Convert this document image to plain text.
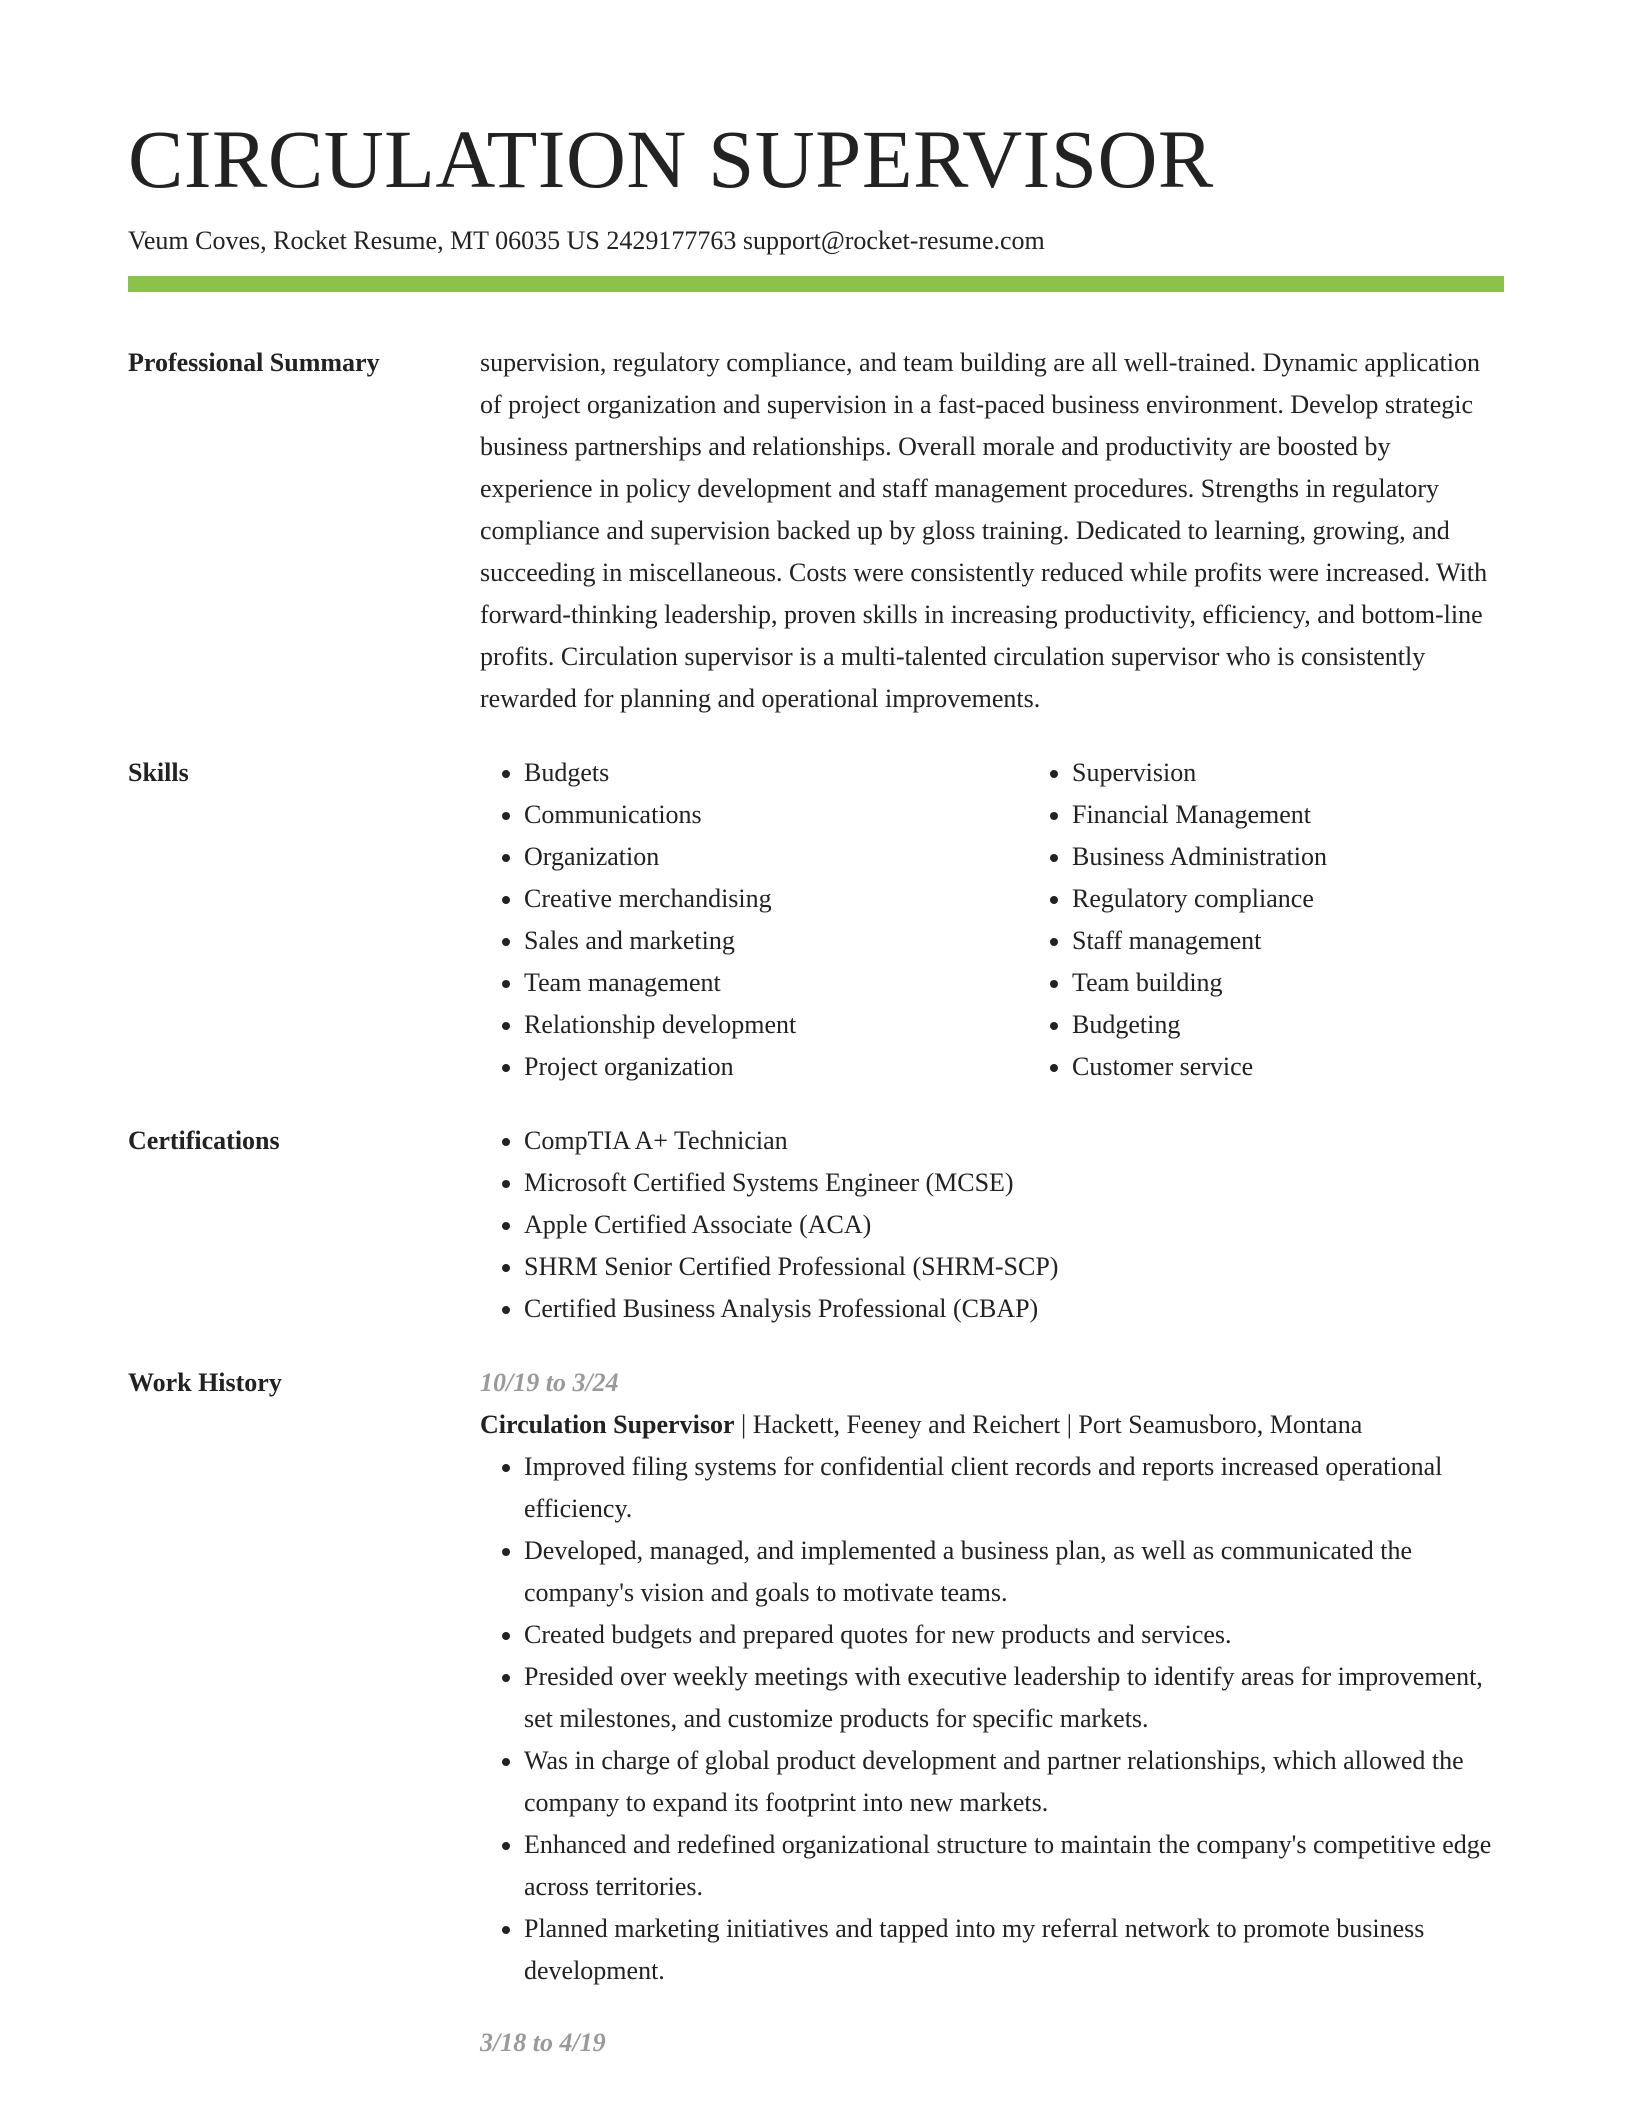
CIRCULATION SUPERVISOR
Veum Coves, Rocket Resume, MT 06035 US 2429177763 support@rocket-resume.com
Professional Summary	supervision, regulatory compliance, and team building are all well-trained. Dynamic application of project organization and supervision in a fast-paced business environment. Develop strategic business partnerships and relationships. Overall morale and productivity are boosted by experience in policy development and staff management procedures. Strengths in regulatory compliance and supervision backed up by gloss training. Dedicated to learning, growing, and succeeding in miscellaneous. Costs were consistently reduced while profits were increased. With forward-thinking leadership, proven skills in increasing productivity, efficiency, and bottom-line profits. Circulation supervisor is a multi-talented circulation supervisor who is consistently rewarded for planning and operational improvements.
Skills	• Budgets
• Communications
• Organization
• Creative merchandising
• Sales and marketing
• Team management
• Relationship development
• Project organization
• Supervision
• Financial Management
• Business Administration
• Regulatory compliance
• Staff management
• Team building
• Budgeting
• Customer service
Certifications	• CompTIA A+ Technician
• Microsoft Certified Systems Engineer (MCSE)
• Apple Certified Associate (ACA)
• SHRM Senior Certified Professional (SHRM-SCP)
• Certified Business Analysis Professional (CBAP)
Work History	10/19 to 3/24
Circulation Supervisor | Hackett, Feeney and Reichert | Port Seamusboro, Montana
• Improved filing systems for confidential client records and reports increased operational efficiency.
• Developed, managed, and implemented a business plan, as well as communicated the company's vision and goals to motivate teams.
• Created budgets and prepared quotes for new products and services.
• Presided over weekly meetings with executive leadership to identify areas for improvement, set milestones, and customize products for specific markets.
• Was in charge of global product development and partner relationships, which allowed the company to expand its footprint into new markets.
• Enhanced and redefined organizational structure to maintain the company's competitive edge across territories.
• Planned marketing initiatives and tapped into my referral network to promote business development.
3/18 to 4/19
